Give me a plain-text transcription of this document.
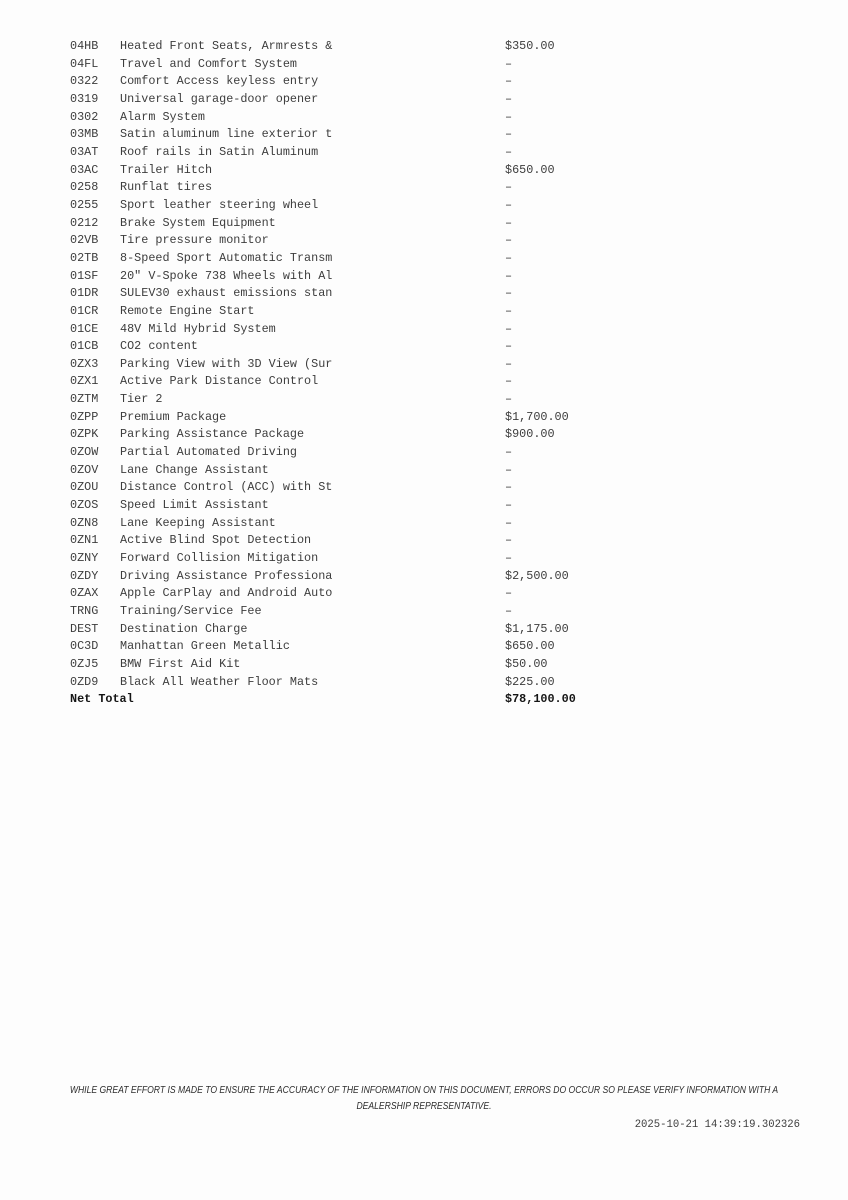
04HB Heated Front Seats, Armrests &	$350.00
04FL Travel and Comfort System	–
0322 Comfort Access keyless entry	–
0319 Universal garage-door opener	–
0302 Alarm System	–
03MB Satin aluminum line exterior t	–
03AT Roof rails in Satin Aluminum	–
03AC Trailer Hitch	$650.00
0258 Runflat tires	–
0255 Sport leather steering wheel	–
0212 Brake System Equipment	–
02VB Tire pressure monitor	–
02TB 8-Speed Sport Automatic Transm	–
01SF 20" V-Spoke 738 Wheels with Al	–
01DR SULEV30 exhaust emissions stan	–
01CR Remote Engine Start	–
01CE 48V Mild Hybrid System	–
01CB CO2 content	–
0ZX3 Parking View with 3D View (Sur	–
0ZX1 Active Park Distance Control	–
0ZTM Tier 2	–
0ZPP Premium Package	$1,700.00
0ZPK Parking Assistance Package	$900.00
0ZOW Partial Automated Driving	–
0ZOV Lane Change Assistant	–
0ZOU Distance Control (ACC) with St	–
0ZOS Speed Limit Assistant	–
0ZN8 Lane Keeping Assistant	–
0ZN1 Active Blind Spot Detection	–
0ZNY Forward Collision Mitigation	–
0ZDY Driving Assistance Professiona	$2,500.00
0ZAX Apple CarPlay and Android Auto	–
TRNG Training/Service Fee	–
DEST Destination Charge	$1,175.00
0C3D Manhattan Green Metallic	$650.00
0ZJ5 BMW First Aid Kit	$50.00
0ZD9 Black All Weather Floor Mats	$225.00
Net Total	$78,100.00
WHILE GREAT EFFORT IS MADE TO ENSURE THE ACCURACY OF THE INFORMATION ON THIS DOCUMENT, ERRORS DO OCCUR SO PLEASE VERIFY INFORMATION WITH A
DEALERSHIP REPRESENTATIVE.
2025-10-21 14:39:19.302326
